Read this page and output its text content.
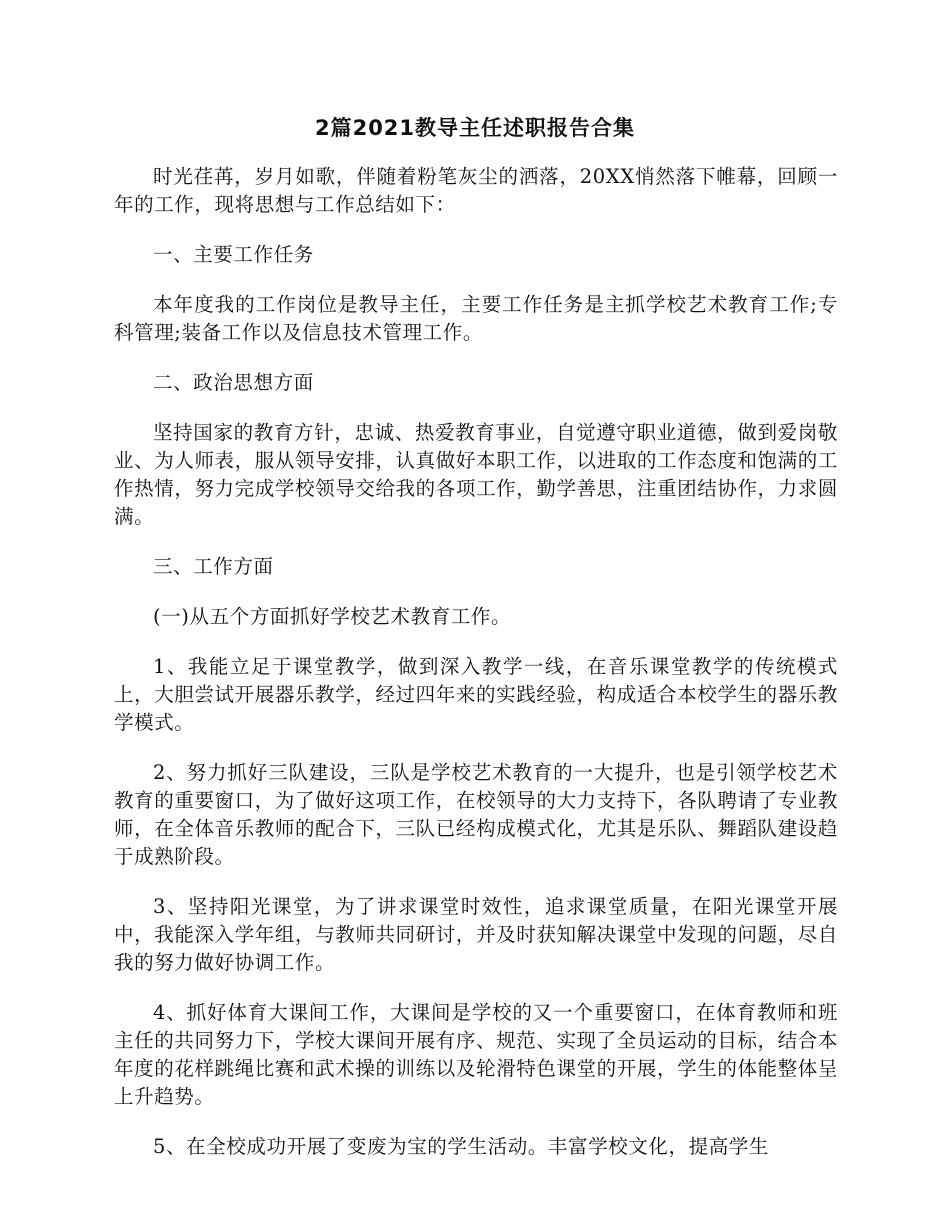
2篇2021教导主任述职报告合集

时光荏苒，岁月如歌，伴随着粉笔灰尘的洒落，20XX悄然落下帷幕，回顾一年的工作，现将思想与工作总结如下：

一、主要工作任务

本年度我的工作岗位是教导主任，主要工作任务是主抓学校艺术教育工作;专科管理;装备工作以及信息技术管理工作。

二、政治思想方面

坚持国家的教育方针，忠诚、热爱教育事业，自觉遵守职业道德，做到爱岗敬业、为人师表，服从领导安排，认真做好本职工作，以进取的工作态度和饱满的工作热情，努力完成学校领导交给我的各项工作，勤学善思，注重团结协作，力求圆满。

三、工作方面

(一)从五个方面抓好学校艺术教育工作。

1、我能立足于课堂教学，做到深入教学一线，在音乐课堂教学的传统模式上，大胆尝试开展器乐教学，经过四年来的实践经验，构成适合本校学生的器乐教学模式。

2、努力抓好三队建设，三队是学校艺术教育的一大提升，也是引领学校艺术教育的重要窗口，为了做好这项工作，在校领导的大力支持下，各队聘请了专业教师，在全体音乐教师的配合下，三队已经构成模式化，尤其是乐队、舞蹈队建设趋于成熟阶段。

3、坚持阳光课堂，为了讲求课堂时效性，追求课堂质量，在阳光课堂开展中，我能深入学年组，与教师共同研讨，并及时获知解决课堂中发现的问题，尽自我的努力做好协调工作。

4、抓好体育大课间工作，大课间是学校的又一个重要窗口，在体育教师和班主任的共同努力下，学校大课间开展有序、规范、实现了全员运动的目标，结合本年度的花样跳绳比赛和武术操的训练以及轮滑特色课堂的开展，学生的体能整体呈上升趋势。

5、在全校成功开展了变废为宝的学生活动。丰富学校文化，提高学生
